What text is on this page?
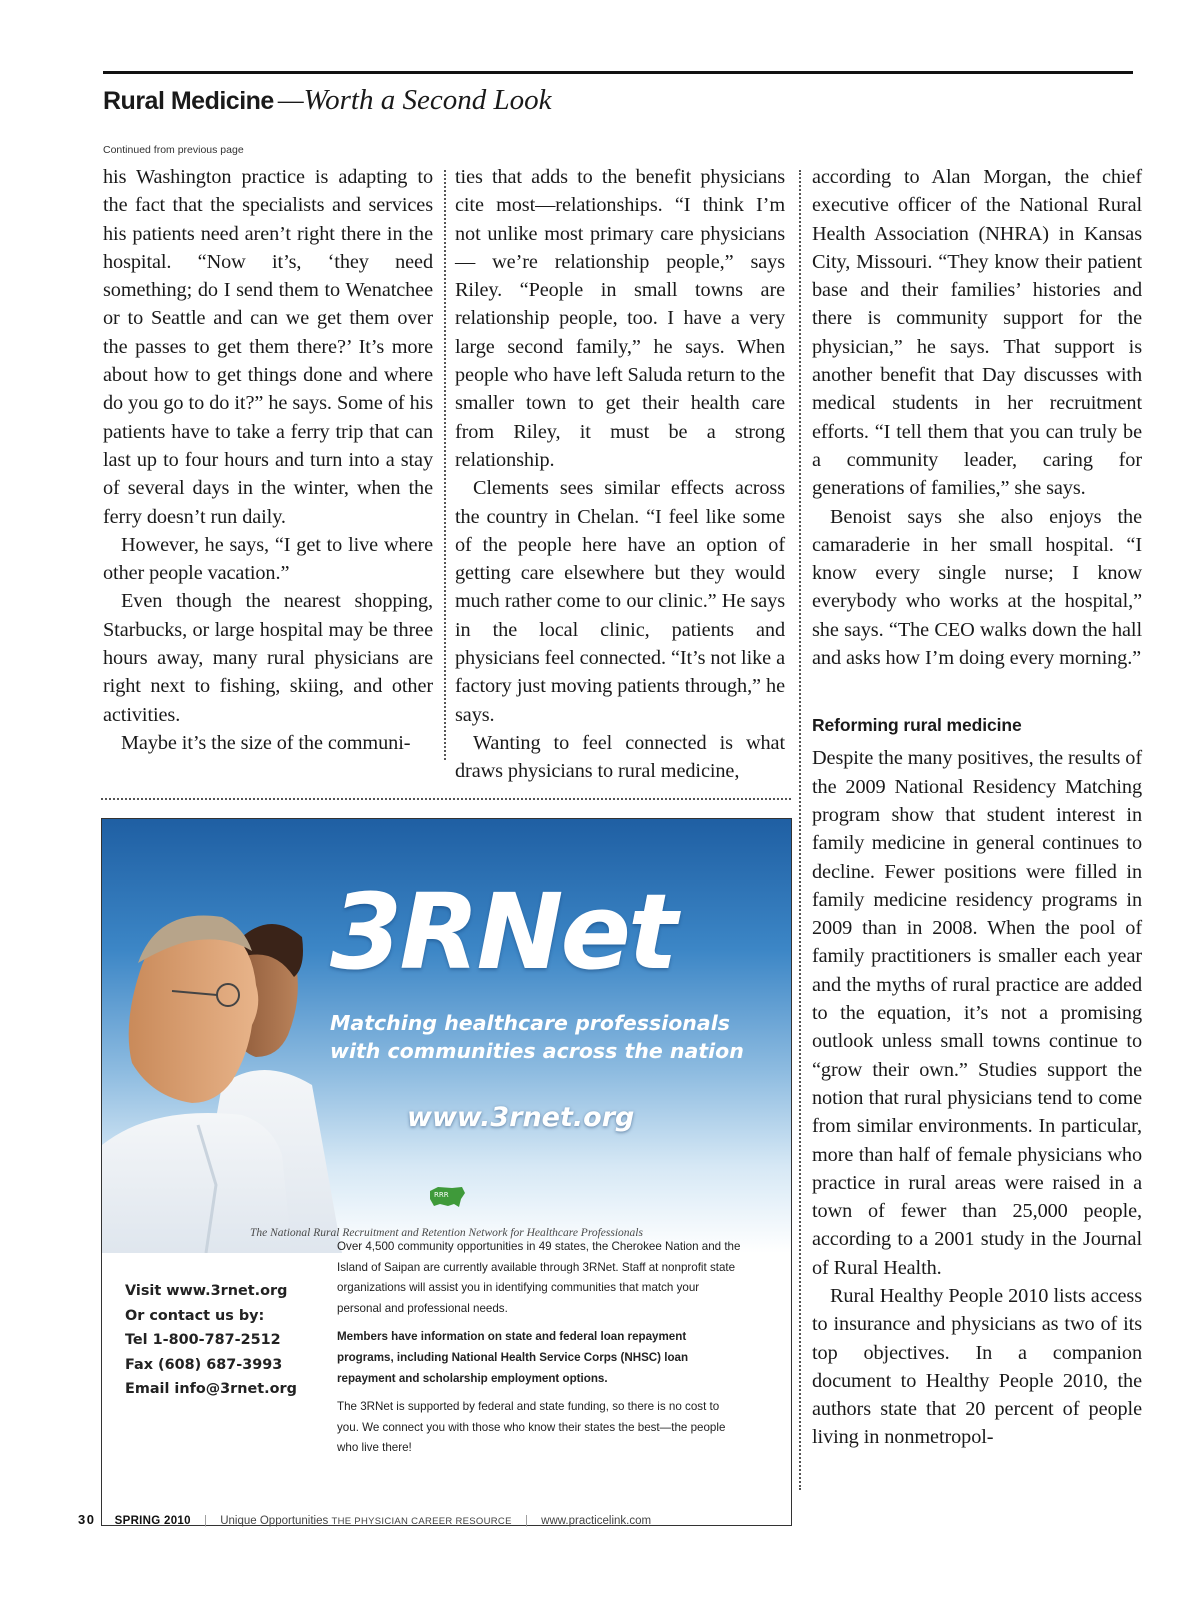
Rural Medicine —Worth a Second Look
Continued from previous page

his Washington practice is adapting to the fact that the specialists and services his patients need aren’t right there in the hospital. “Now it’s, ‘they need something; do I send them to Wenatchee or to Seattle and can we get them over the passes to get them there?’ It’s more about how to get things done and where do you go to do it?” he says. Some of his patients have to take a ferry trip that can last up to four hours and turn into a stay of several days in the winter, when the ferry doesn’t run daily.

However, he says, “I get to live where other people vacation.”

Even though the nearest shopping, Starbucks, or large hospital may be three hours away, many rural physicians are right next to fishing, skiing, and other activities.

Maybe it’s the size of the communi-

ties that adds to the benefit physicians cite most—relationships. “I think I’m not unlike most primary care physicians — we’re relationship people,” says Riley. “People in small towns are relationship people, too. I have a very large second family,” he says. When people who have left Saluda return to the smaller town to get their health care from Riley, it must be a strong relationship.

Clements sees similar effects across the country in Chelan. “I feel like some of the people here have an option of getting care elsewhere but they would much rather come to our clinic.” He says in the local clinic, patients and physicians feel connected. “It’s not like a factory just moving patients through,” he says.

Wanting to feel connected is what draws physicians to rural medicine,

according to Alan Morgan, the chief executive officer of the National Rural Health Association (NHRA) in Kansas City, Missouri. “They know their patient base and their families’ histories and there is community support for the physician,” he says. That support is another benefit that Day discusses with medical students in her recruitment efforts. “I tell them that you can truly be a community leader, caring for generations of families,” she says.

Benoist says she also enjoys the camaraderie in her small hospital. “I know every single nurse; I know everybody who works at the hospital,” she says. “The CEO walks down the hall and asks how I’m doing every morning.”

Reforming rural medicine

Despite the many positives, the results of the 2009 National Residency Matching program show that student interest in family medicine in general continues to decline. Fewer positions were filled in family medicine residency programs in 2009 than in 2008. When the pool of family practitioners is smaller each year and the myths of rural practice are added to the equation, it’s not a promising outlook unless small towns continue to “grow their own.” Studies support the notion that rural physicians tend to come from similar environments. In particular, more than half of female physicians who practice in rural areas were raised in a town of fewer than 25,000 people, according to a 2001 study in the Journal of Rural Health.

Rural Healthy People 2010 lists access to insurance and physicians as two of its top objectives. In a companion document to Healthy People 2010, the authors state that 20 percent of people living in nonmetropol-

3RNet
Matching healthcare professionals
with communities across the nation
www.3rnet.org
RRR
The National Rural Recruitment and Retention Network for Healthcare Professionals
Visit www.3rnet.org
Or contact us by:
Tel 1-800-787-2512
Fax (608) 687-3993
Email info@3rnet.org

Over 4,500 community opportunities in 49 states, the Cherokee Nation and the Island of Saipan are currently available through 3RNet. Staff at nonprofit state organizations will assist you in identifying communities that match your personal and professional needs.

Members have information on state and federal loan repayment programs, including National Health Service Corps (NHSC) loan repayment and scholarship employment options.

The 3RNet is supported by federal and state funding, so there is no cost to you. We connect you with those who know their states the best—the people who live there!

30 SPRING 2010 | Unique Opportunities THE PHYSICIAN CAREER RESOURCE | www.practicelink.com
